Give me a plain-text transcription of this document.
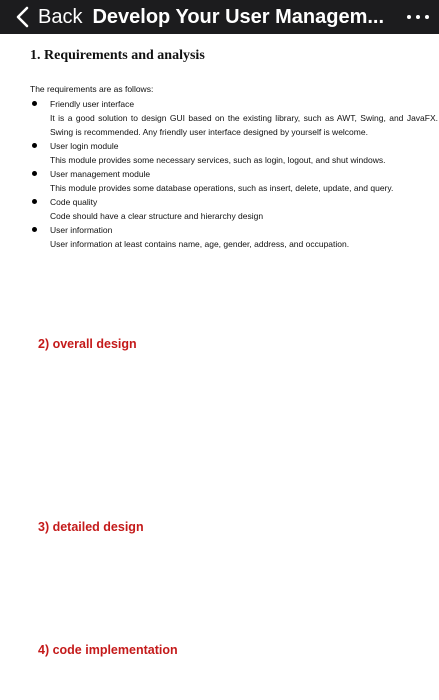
Back Develop Your User Managem...
1. Requirements and analysis
The requirements are as follows:
Friendly user interface
It is a good solution to design GUI based on the existing library, such as AWT, Swing, and JavaFX. Swing is recommended. Any friendly user interface designed by yourself is welcome.
User login module
This module provides some necessary services, such as login, logout, and shut windows.
User management module
This module provides some database operations, such as insert, delete, update, and query.
Code quality
Code should have a clear structure and hierarchy design
User information
User information at least contains name, age, gender, address, and occupation.
2) overall design
3) detailed design
4) code implementation
